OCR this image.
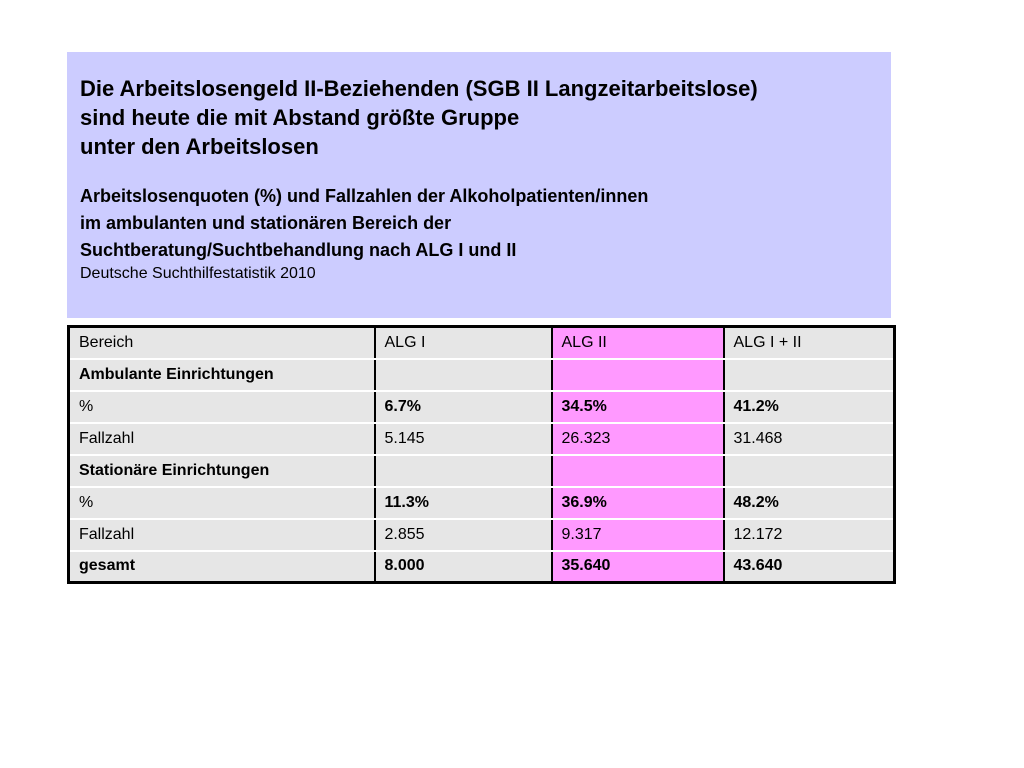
Die Arbeitslosengeld II-Beziehenden (SGB II Langzeitarbeitslose)

sind heute die mit Abstand größte Gruppe

unter den Arbeitslosen

Arbeitslosenquoten (%) und Fallzahlen der Alkoholpatienten/innen

im ambulanten und stationären Bereich der

Suchtberatung/Suchtbehandlung nach ALG I und II

Deutsche Suchthilfestatistik 2010

Bereich	ALG I	ALG II	ALG I + II
Ambulante Einrichtungen			
%	6.7%	34.5%	41.2%
Fallzahl	5.145	26.323	31.468
Stationäre Einrichtungen			
%	11.3%	36.9%	48.2%
Fallzahl	2.855	9.317	12.172
gesamt	8.000	35.640	43.640
